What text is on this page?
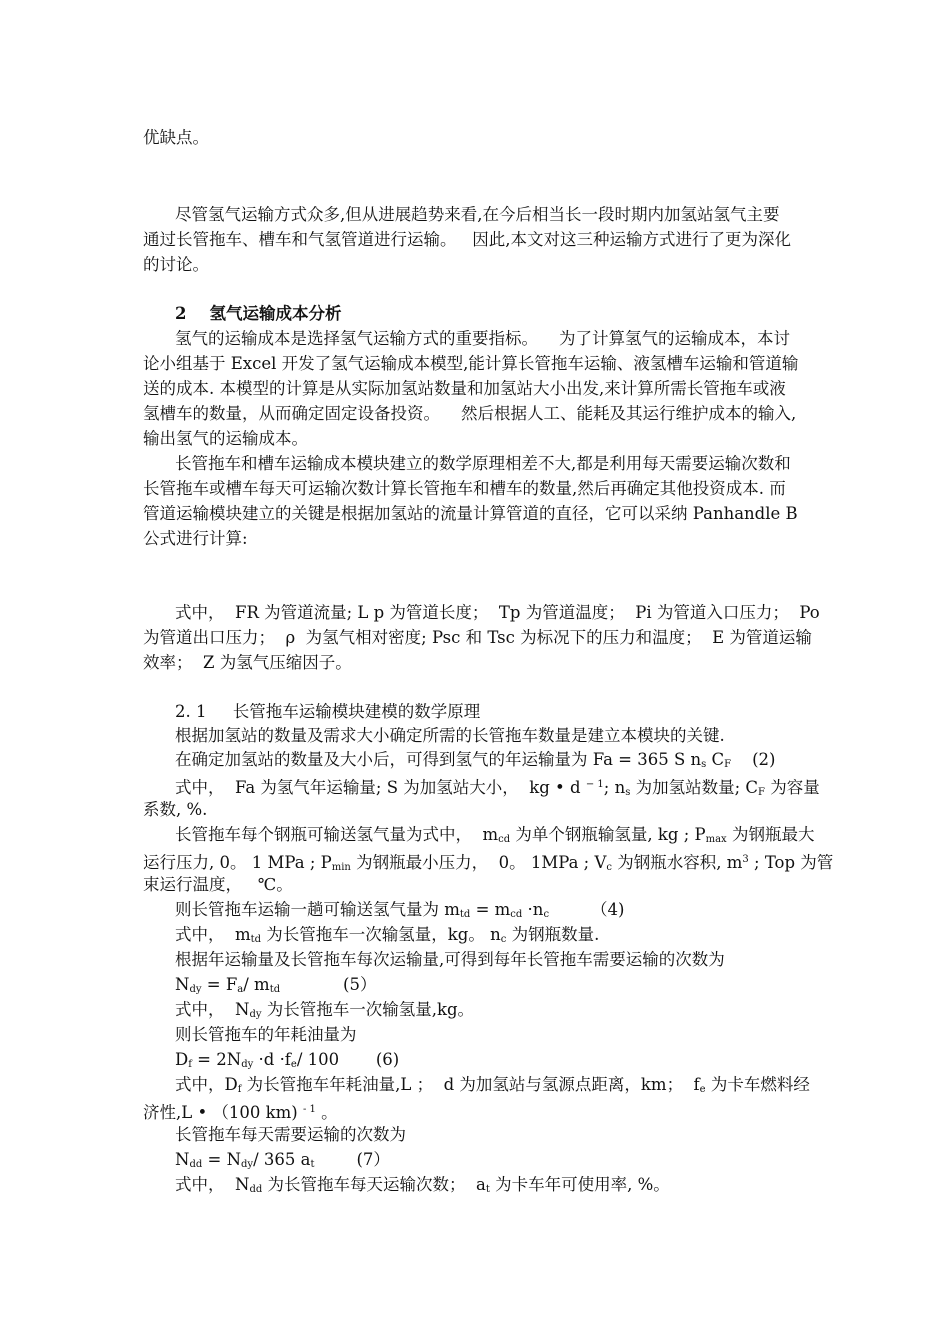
优缺点。
尽管氢气运输方式众多,但从进展趋势来看,在今后相当长一段时期内加氢站氢气主要
通过长管拖车、槽车和气氢管道进行运输。   因此,本文对这三种运输方式进行了更为深化
的讨论。
2    氢气运输成本分析
氢气的运输成本是选择氢气运输方式的重要指标。    为了计算氢气的运输成本，本讨
论小组基于 Excel 开发了氢气运输成本模型,能计算长管拖车运输、液氢槽车运输和管道输
送的成本. 本模型的计算是从实际加氢站数量和加氢站大小出发,来计算所需长管拖车或液
氢槽车的数量，从而确定固定设备投资。    然后根据人工、能耗及其运行维护成本的输入,
输出氢气的运输成本。
长管拖车和槽车运输成本模块建立的数学原理相差不大,都是利用每天需要运输次数和
长管拖车或槽车每天可运输次数计算长管拖车和槽车的数量,然后再确定其他投资成本. 而
管道运输模块建立的关键是根据加氢站的流量计算管道的直径，它可以采纳 Panhandle B
公式进行计算:
式中，  FR 为管道流量; L p 为管道长度；  Tp 为管道温度；  Pi 为管道入口压力；  Po
为管道出口压力；  ρ  为氢气相对密度; Psc 和 Tsc 为标况下的压力和温度；  E 为管道运输
效率；  Z 为氢气压缩因子。
2. 1     长管拖车运输模块建模的数学原理
根据加氢站的数量及需求大小确定所需的长管拖车数量是建立本模块的关键.
在确定加氢站的数量及大小后，可得到氢气的年运输量为 Fa = 365 S $n_s$ $C_F$    (2)
式中，  Fa 为氢气年运输量; S 为加氢站大小，  kg • d $^{- 1}$; $n_s$ 为加氢站数量; $C_F$ 为容量
系数, %.
长管拖车每个钢瓶可输送氢气量为式中，  $m_{cd}$ 为单个钢瓶输氢量, kg ; $P_{max}$ 为钢瓶最大
运行压力, 0。 1 MPa ; $P_{min}$ 为钢瓶最小压力，  0。 1MPa ; $V_c$ 为钢瓶水容积, $m^3$ ; Top 为管
束运行温度，   ℃。
则长管拖车运输一趟可输送氢气量为 $m_{td} = m_{cd} \cdot n_c$        （4)
式中，  $m_{td}$ 为长管拖车一次输氢量，kg。 $n_c$ 为钢瓶数量.
根据年运输量及长管拖车每次运输量,可得到每年长管拖车需要运输的次数为
$N_{dy} = F_a/$ $m_{td}$            (5）
式中，  $N_{dy}$ 为长管拖车一次输氢量,kg。
则长管拖车的年耗油量为
$D_f = 2N_{dy} \cdot d \cdot f_e/$ 100       (6)
式中，$D_f$ 为长管拖车年耗油量,L ；  d 为加氢站与氢源点距离，km；  $f_e$ 为卡车燃料经
济性,L • （100 km) $^{- 1}$ 。
长管拖车每天需要运输的次数为
$N_{dd} = N_{dy}/$ 365 $a_t$        (7）
式中，  $N_{dd}$ 为长管拖车每天运输次数；  $a_t$ 为卡车年可使用率, %。
